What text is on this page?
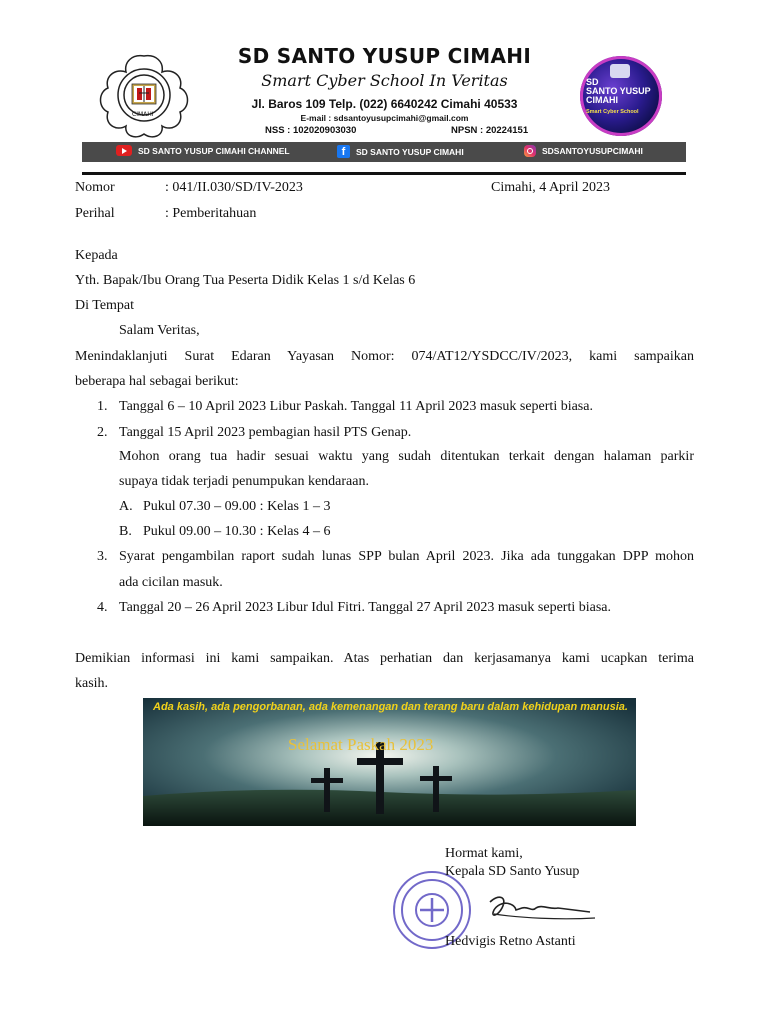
CIMAHI
SD SANTO YUSUP CIMAHI
Smart Cyber School In Veritas
Jl. Baros 109 Telp. (022) 6640242 Cimahi 40533
E-mail : sdsantoyusupcimahi@gmail.com
NSS : 102020903030	NPSN : 20224151
SD
SANTO YUSUP
CIMAHI
Smart Cyber School
SD SANTO YUSUP CIMAHI CHANNEL	f	SD SANTO YUSUP CIMAHI	SDSANTOYUSUPCIMAHI
Nomor	: 041/II.030/SD/IV-2023	Cimahi, 4 April 2023
Perihal	: Pemberitahuan
Kepada
Yth. Bapak/Ibu Orang Tua Peserta Didik Kelas 1 s/d Kelas 6
Di Tempat
Salam Veritas,
Menindaklanjuti Surat Edaran Yayasan Nomor: 074/AT12/YSDCC/IV/2023, kami sampaikan
beberapa hal sebagai berikut:
1. Tanggal 6 – 10 April 2023 Libur Paskah. Tanggal 11 April 2023 masuk seperti biasa.
2. Tanggal 15 April 2023 pembagian hasil PTS Genap.
Mohon orang tua hadir sesuai waktu yang sudah ditentukan terkait dengan halaman parkir
supaya tidak terjadi penumpukan kendaraan.
A. Pukul 07.30 – 09.00 : Kelas 1 – 3
B. Pukul 09.00 – 10.30 : Kelas 4 – 6
3. Syarat pengambilan raport sudah lunas SPP bulan April 2023. Jika ada tunggakan DPP mohon
ada cicilan masuk.
4. Tanggal 20 – 26 April 2023 Libur Idul Fitri. Tanggal 27 April 2023 masuk seperti biasa.
Demikian informasi ini kami sampaikan. Atas perhatian dan kerjasamanya kami ucapkan terima
kasih.
Ada kasih, ada pengorbanan, ada kemenangan dan terang baru dalam kehidupan manusia.
Selamat Paskah 2023
Hormat kami,
Kepala SD Santo Yusup
Hedvigis Retno Astanti
